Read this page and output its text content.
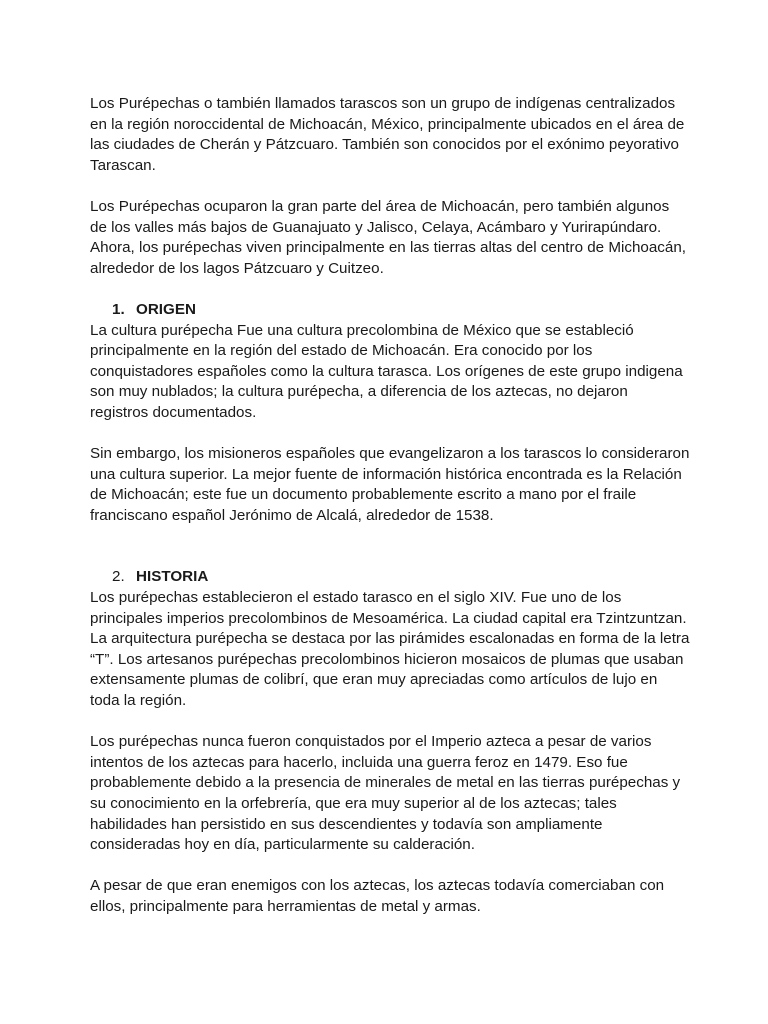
Los Purépechas o también llamados tarascos son un grupo de indígenas centralizados en la región noroccidental de Michoacán, México, principalmente ubicados en el área de las ciudades de Cherán y Pátzcuaro. También son conocidos por el exónimo peyorativo Tarascan.

Los Purépechas ocuparon la gran parte del área de Michoacán, pero también algunos de los valles más bajos de Guanajuato y Jalisco, Celaya, Acámbaro y Yurirapúndaro. Ahora, los purépechas viven principalmente en las tierras altas del centro de Michoacán, alrededor de los lagos Pátzcuaro y Cuitzeo.

1. ORIGEN

La cultura purépecha Fue una cultura precolombina de México que se estableció principalmente en la región del estado de Michoacán. Era conocido por los conquistadores españoles como la cultura tarasca. Los orígenes de este grupo indigena son muy nublados; la cultura purépecha, a diferencia de los aztecas, no dejaron registros documentados.

Sin embargo, los misioneros españoles que evangelizaron a los tarascos lo consideraron una cultura superior. La mejor fuente de información histórica encontrada es la Relación de Michoacán; este fue un documento probablemente escrito a mano por el fraile franciscano español Jerónimo de Alcalá, alrededor de 1538.

2. HISTORIA

Los purépechas establecieron el estado tarasco en el siglo XIV. Fue uno de los principales imperios precolombinos de Mesoamérica. La ciudad capital era Tzintzuntzan. La arquitectura purépecha se destaca por las pirámides escalonadas en forma de la letra “T”. Los artesanos purépechas precolombinos hicieron mosaicos de plumas que usaban extensamente plumas de colibrí, que eran muy apreciadas como artículos de lujo en toda la región.

Los purépechas nunca fueron conquistados por el Imperio azteca a pesar de varios intentos de los aztecas para hacerlo, incluida una guerra feroz en 1479. Eso fue probablemente debido a la presencia de minerales de metal en las tierras purépechas y su conocimiento en la orfebrería, que era muy superior al de los aztecas; tales habilidades han persistido en sus descendientes y todavía son ampliamente consideradas hoy en día, particularmente su calderación.

A pesar de que eran enemigos con los aztecas, los aztecas todavía comerciaban con ellos, principalmente para herramientas de metal y armas.
